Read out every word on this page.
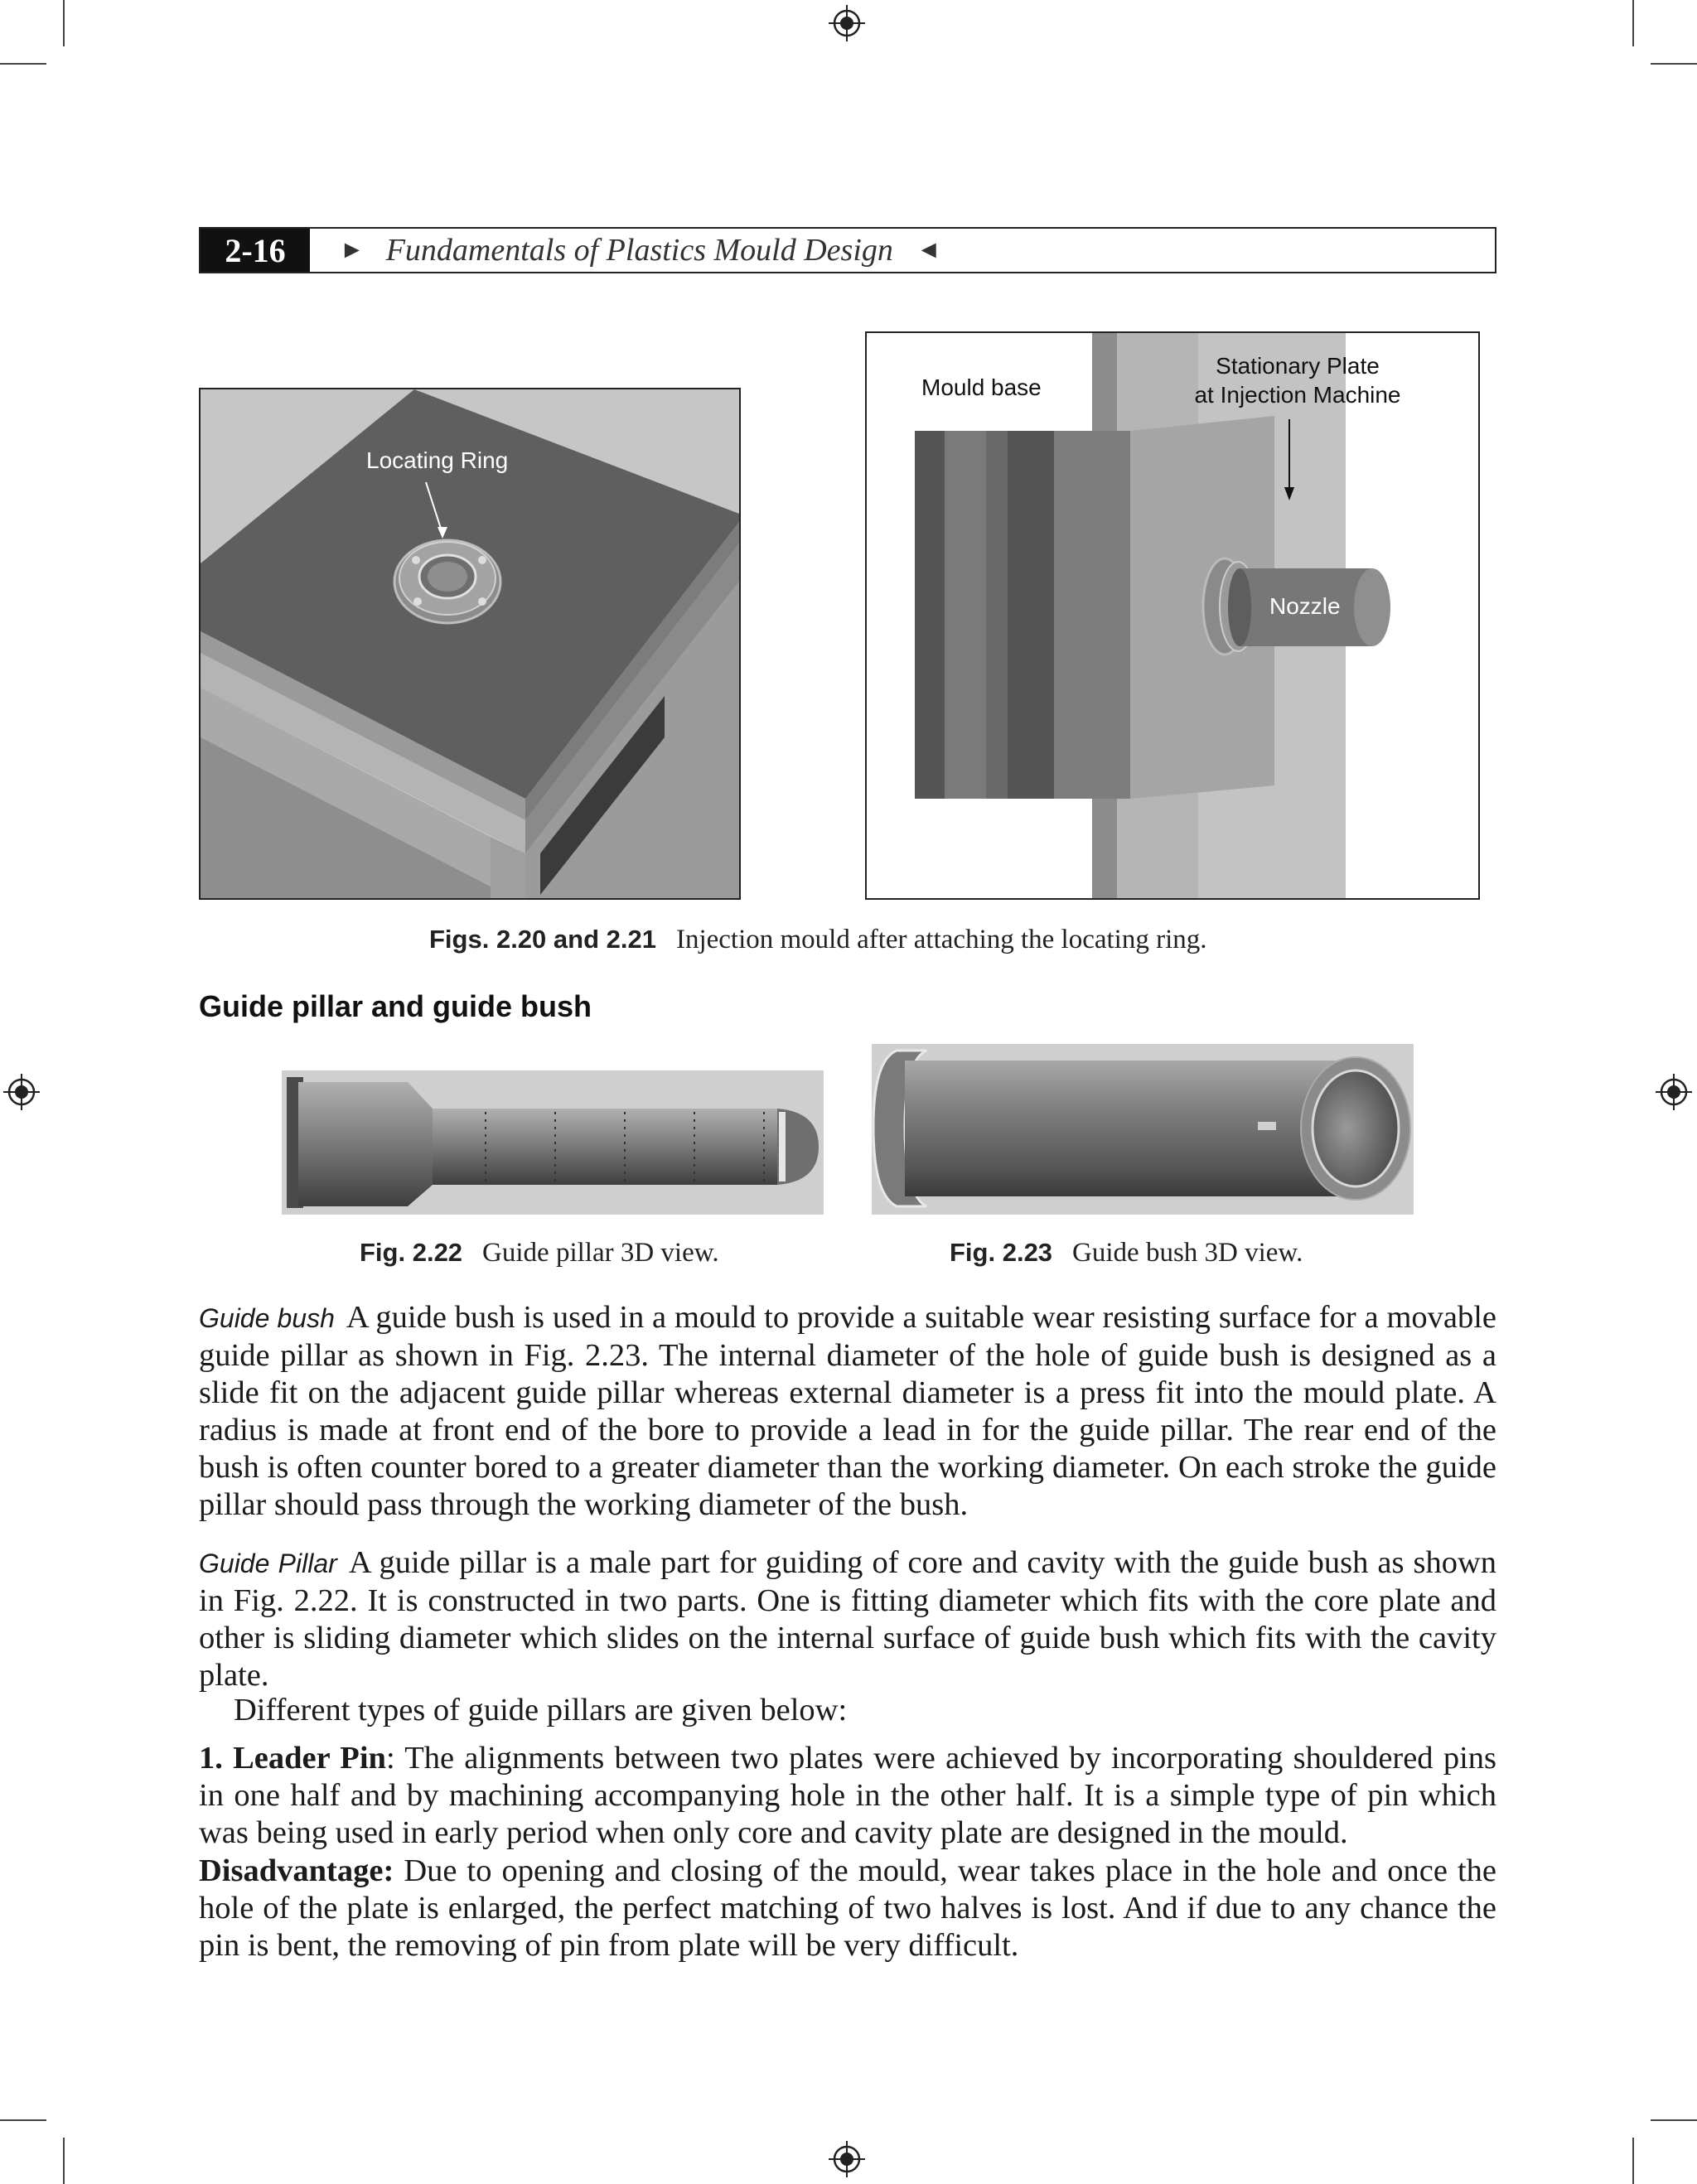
2-16	► Fundamentals of Plastics Mould Design ◄
Locating Ring
Mould base
Stationary Plate
at Injection Machine
Nozzle
Figs. 2.20 and 2.21 Injection mould after attaching the locating ring.
Guide pillar and guide bush
Fig. 2.22 Guide pillar 3D view.	Fig. 2.23 Guide bush 3D view.
Guide bush A guide bush is used in a mould to provide a suitable wear resisting surface for a movable guide pillar as shown in Fig. 2.23. The internal diameter of the hole of guide bush is designed as a slide fit on the adjacent guide pillar whereas external diameter is a press fit into the mould plate. A radius is made at front end of the bore to provide a lead in for the guide pillar. The rear end of the bush is often counter bored to a greater diameter than the working diameter. On each stroke the guide pillar should pass through the working diameter of the bush.
Guide Pillar A guide pillar is a male part for guiding of core and cavity with the guide bush as shown in Fig. 2.22. It is constructed in two parts. One is fitting diameter which fits with the core plate and other is sliding diameter which slides on the internal surface of guide bush which fits with the cavity plate.
Different types of guide pillars are given below:
1. Leader Pin: The alignments between two plates were achieved by incorporating shouldered pins in one half and by machining accompanying hole in the other half. It is a simple type of pin which was being used in early period when only core and cavity plate are designed in the mould.
Disadvantage: Due to opening and closing of the mould, wear takes place in the hole and once the hole of the plate is enlarged, the perfect matching of two halves is lost. And if due to any chance the pin is bent, the removing of pin from plate will be very difficult.
